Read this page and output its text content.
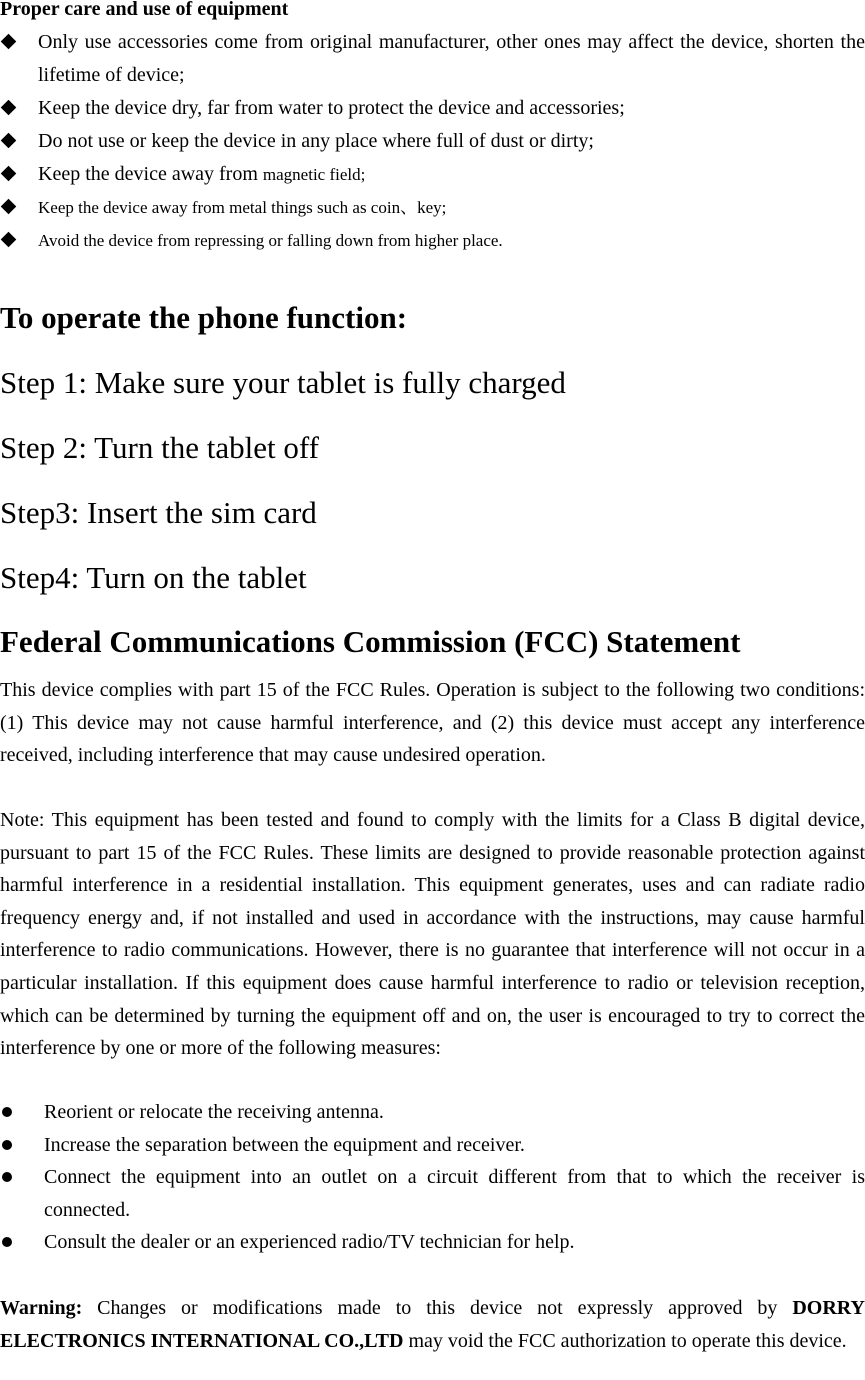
Proper care and use of equipment
Only use accessories come from original manufacturer, other ones may affect the device, shorten the lifetime of device;
Keep the device dry, far from water to protect the device and accessories;
Do not use or keep the device in any place where full of dust or dirty;
Keep the device away from magnetic field;
Keep the device away from metal things such as coin、key;
Avoid the device from repressing or falling down from higher place.
To operate the phone function:
Step 1: Make sure your tablet is fully charged
Step 2: Turn the tablet off
Step3: Insert the sim card
Step4: Turn on the tablet
Federal Communications Commission (FCC) Statement

This device complies with part 15 of the FCC Rules. Operation is subject to the following two conditions: (1) This device may not cause harmful interference, and (2) this device must accept any interference received, including interference that may cause undesired operation.

Note: This equipment has been tested and found to comply with the limits for a Class B digital device, pursuant to part 15 of the FCC Rules. These limits are designed to provide reasonable protection against harmful interference in a residential installation. This equipment generates, uses and can radiate radio frequency energy and, if not installed and used in accordance with the instructions, may cause harmful interference to radio communications. However, there is no guarantee that interference will not occur in a particular installation. If this equipment does cause harmful interference to radio or television reception, which can be determined by turning the equipment off and on, the user is encouraged to try to correct the interference by one or more of the following measures:

Reorient or relocate the receiving antenna.
Increase the separation between the equipment and receiver.
Connect the equipment into an outlet on a circuit different from that to which the receiver is connected.
Consult the dealer or an experienced radio/TV technician for help.

Warning: Changes or modifications made to this device not expressly approved by DORRY ELECTRONICS INTERNATIONAL CO.,LTD may void the FCC authorization to operate this device.
